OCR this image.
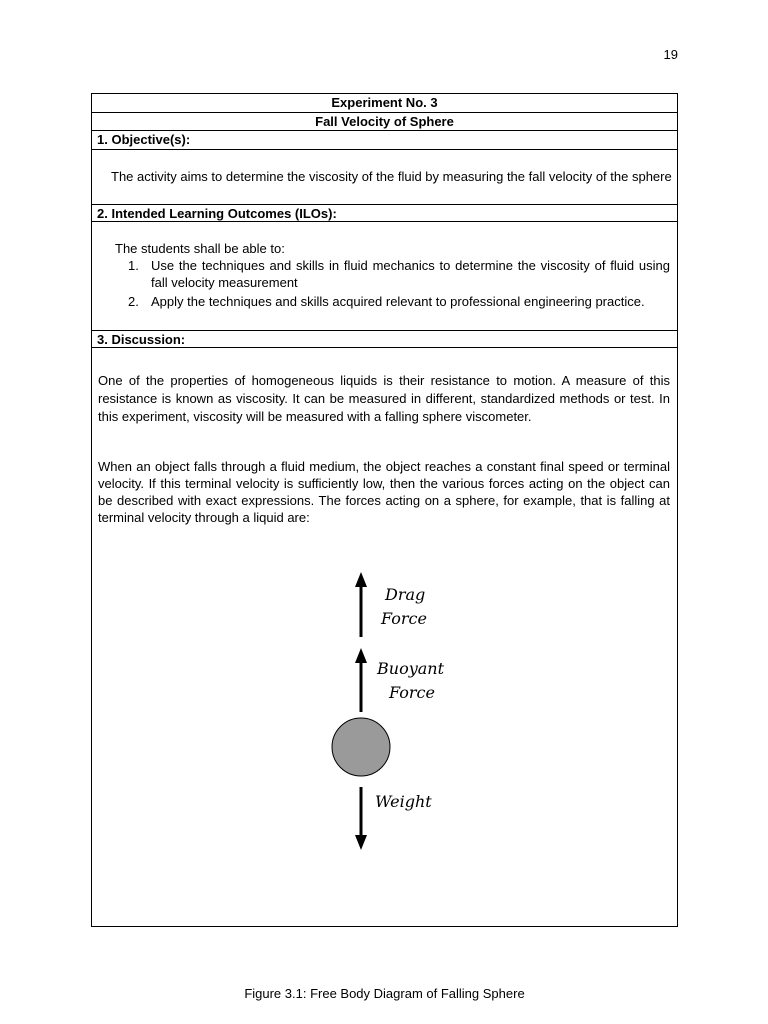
19
Experiment No. 3
Fall Velocity of Sphere
1. Objective(s):
The activity aims to determine the viscosity of the fluid by measuring the fall velocity of the sphere
2. Intended Learning Outcomes (ILOs):
The students shall be able to:
1. Use the techniques and skills in fluid mechanics to determine the viscosity of fluid using fall velocity measurement
2. Apply the techniques and skills acquired relevant to professional engineering practice.
3. Discussion:
One of the properties of homogeneous liquids is their resistance to motion. A measure of this resistance is known as viscosity. It can be measured in different, standardized methods or test. In this experiment, viscosity will be measured with a falling sphere viscometer.
When an object falls through a fluid medium, the object reaches a constant final speed or terminal velocity. If this terminal velocity is sufficiently low, then the various forces acting on the object can be described with exact expressions. The forces acting on a sphere, for example, that is falling at terminal velocity through a liquid are:
Drag
Force
Buoyant
Force
Weight
Figure 3.1: Free Body Diagram of Falling Sphere
